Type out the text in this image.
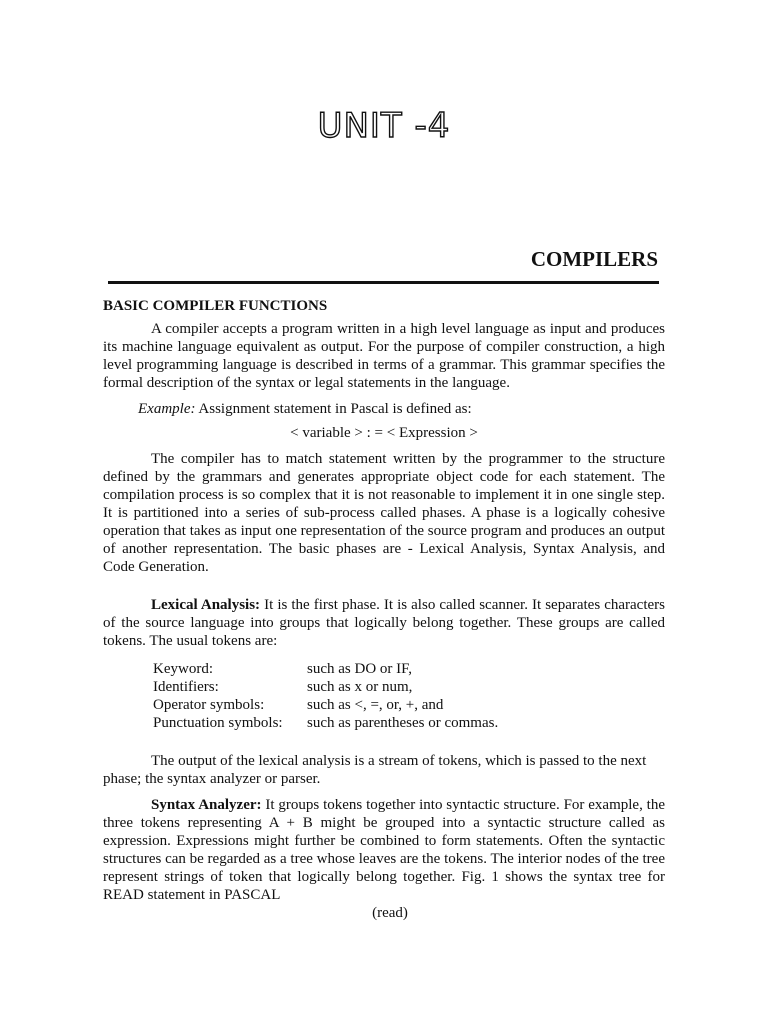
UNIT -4
COMPILERS
BASIC COMPILER FUNCTIONS

A compiler accepts a program written in a high level language as input and produces its machine language equivalent as output. For the purpose of compiler construction, a high level programming language is described in terms of a grammar. This grammar specifies the formal description of the syntax or legal statements in the language.

Example: Assignment statement in Pascal is defined as:
< variable > : = < Expression >

The compiler has to match statement written by the programmer to the structure defined by the grammars and generates appropriate object code for each statement. The compilation process is so complex that it is not reasonable to implement it in one single step. It is partitioned into a series of sub-process called phases. A phase is a logically cohesive operation that takes as input one representation of the source program and produces an output of another representation. The basic phases are - Lexical Analysis, Syntax Analysis, and Code Generation.

Lexical Analysis: It is the first phase. It is also called scanner. It separates characters of the source language into groups that logically belong together. These groups are called tokens. The usual tokens are:

Keyword:	such as DO or IF,
Identifiers:	such as x or num,
Operator symbols:	such as <, =, or, +, and
Punctuation symbols:	such as parentheses or commas.

The output of the lexical analysis is a stream of tokens, which is passed to the next phase; the syntax analyzer or parser.

Syntax Analyzer: It groups tokens together into syntactic structure. For example, the three tokens representing A + B might be grouped into a syntactic structure called as expression. Expressions might further be combined to form statements. Often the syntactic structures can be regarded as a tree whose leaves are the tokens. The interior nodes of the tree represent strings of token that logically belong together. Fig. 1 shows the syntax tree for READ statement in PASCAL

(read)
